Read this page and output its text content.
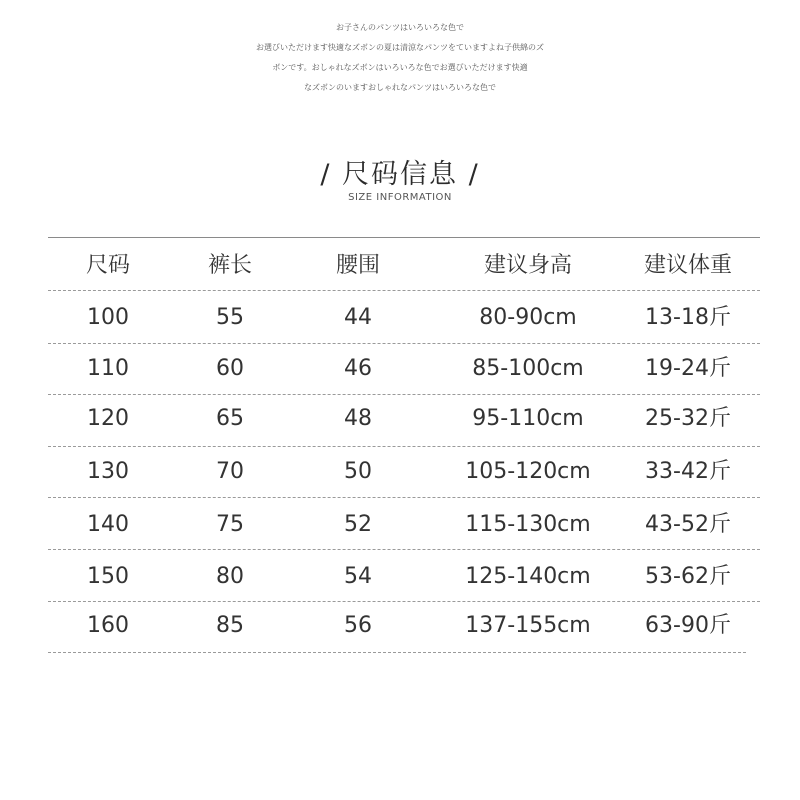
お子さんのパンツはいろいろな色で
お選びいただけます快適なズボンの夏は清涼なパンツをていますよね子供綿のズ
ボンです。おしゃれなズボンはいろいろな色でお選びいただけます快適
なズボンのいますおしゃれなパンツはいろいろな色で
/ 尺码信息 /
SIZE INFORMATION
尺码	裤长	腰围	建议身高	建议体重
100	55	44	80-90cm	13-18斤
110	60	46	85-100cm	19-24斤
120	65	48	95-110cm	25-32斤
130	70	50	105-120cm	33-42斤
140	75	52	115-130cm	43-52斤
150	80	54	125-140cm	53-62斤
160	85	56	137-155cm	63-90斤
